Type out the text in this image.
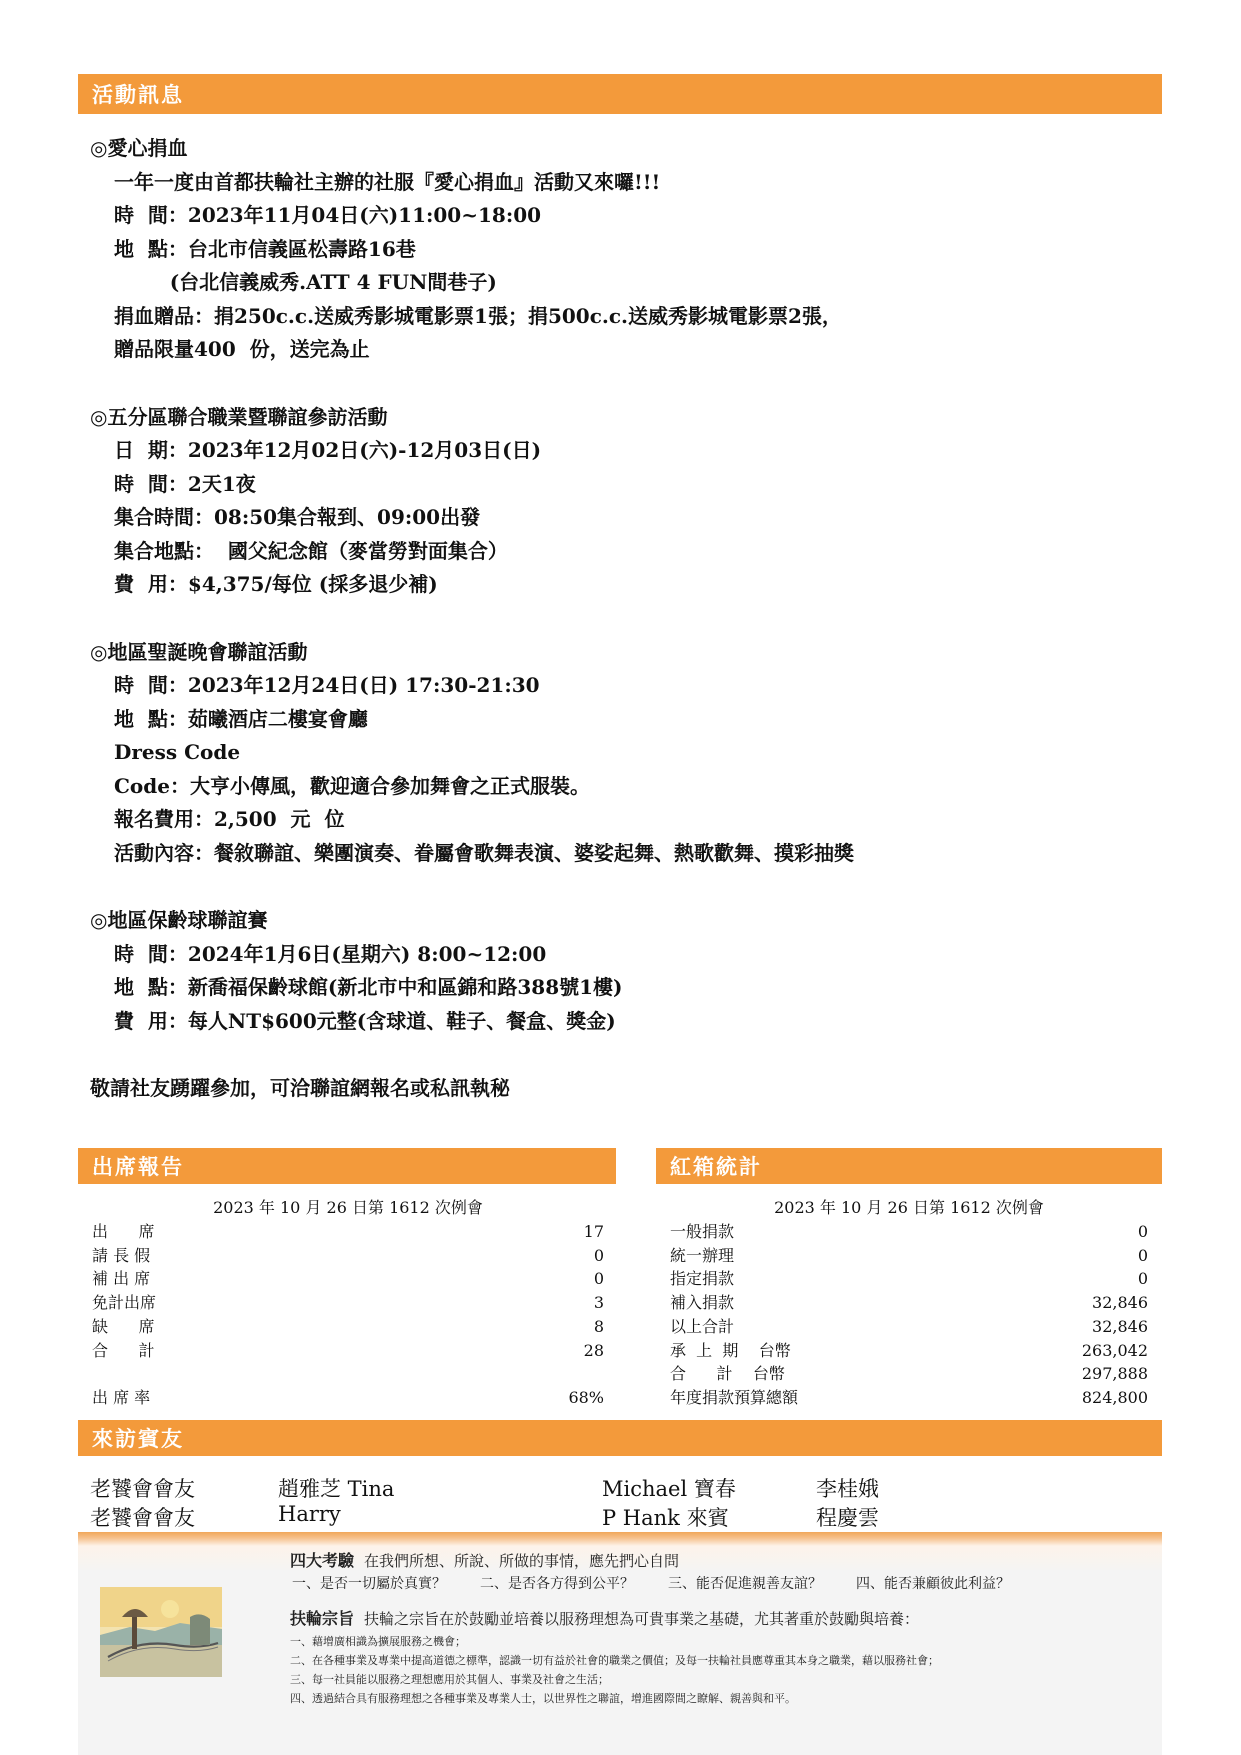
活動訊息
◎愛心捐血
一年一度由首都扶輪社主辦的社服『愛心捐血』活動又來囉!!!
時  間：2023年11月04日(六)11:00~18:00
地  點：台北市信義區松壽路16巷
(台北信義威秀.ATT 4 FUN間巷子)
捐血贈品：捐250c.c.送威秀影城電影票1張；捐500c.c.送威秀影城電影票2張，
贈品限量400  份，送完為止
◎五分區聯合職業暨聯誼參訪活動
日  期：2023年12月02日(六)-12月03日(日)
時  間：2天1夜
集合時間：08:50集合報到、09:00出發
集合地點：  國父紀念館（麥當勞對面集合）
費  用：$4,375/每位 (採多退少補)
◎地區聖誕晚會聯誼活動
時  間：2023年12月24日(日) 17:30-21:30
地  點：茹曦酒店二樓宴會廳
Dress Code
Code：大亨小傳風，歡迎適合參加舞會之正式服裝。
報名費用：2,500  元  位
活動內容：餐敘聯誼、樂團演奏、眷屬會歌舞表演、婆娑起舞、熱歌歡舞、摸彩抽獎
◎地區保齡球聯誼賽
時  間：2024年1月6日(星期六) 8:00~12:00
地  點：新喬福保齡球館(新北市中和區錦和路388號1樓)
費  用：每人NT$600元整(含球道、鞋子、餐盒、獎金)
敬請社友踴躍參加，可洽聯誼網報名或私訊執秘
出席報告	紅箱統計
2023 年 10 月 26 日第 1612 次例會
出      席	17
請 長 假	0
補 出 席	0
免計出席	3
缺      席	8
合      計	28
出 席 率	68%
2023 年 10 月 26 日第 1612 次例會
一般捐款	0
統一辦理	0
指定捐款	0
補入捐款	32,846
以上合計	32,846
承  上  期    台幣	263,042
合      計    台幣	297,888
年度捐款預算總額	824,800
來訪賓友
老饕會會友	趙雅芝 Tina	Michael 寶春	李桂娥
老饕會會友	Harry	P Hank 來賓	程慶雲
四大考驗 在我們所想、所說、所做的事情，應先捫心自問
一、是否一切屬於真實？ 二、是否各方得到公平？ 三、能否促進親善友誼？ 四、能否兼顧彼此利益？
扶輪宗旨 扶輪之宗旨在於鼓勵並培養以服務理想為可貴事業之基礎，尤其著重於鼓勵與培養：
一、藉增廣相識為擴展服務之機會；
二、在各種事業及專業中提高道德之標準，認識一切有益於社會的職業之價值；及每一扶輪社員應尊重其本身之職業，藉以服務社會；
三、每一社員能以服務之理想應用於其個人、事業及社會之生活；
四、透過結合具有服務理想之各種事業及專業人士，以世界性之聯誼，增進國際間之瞭解、親善與和平。
